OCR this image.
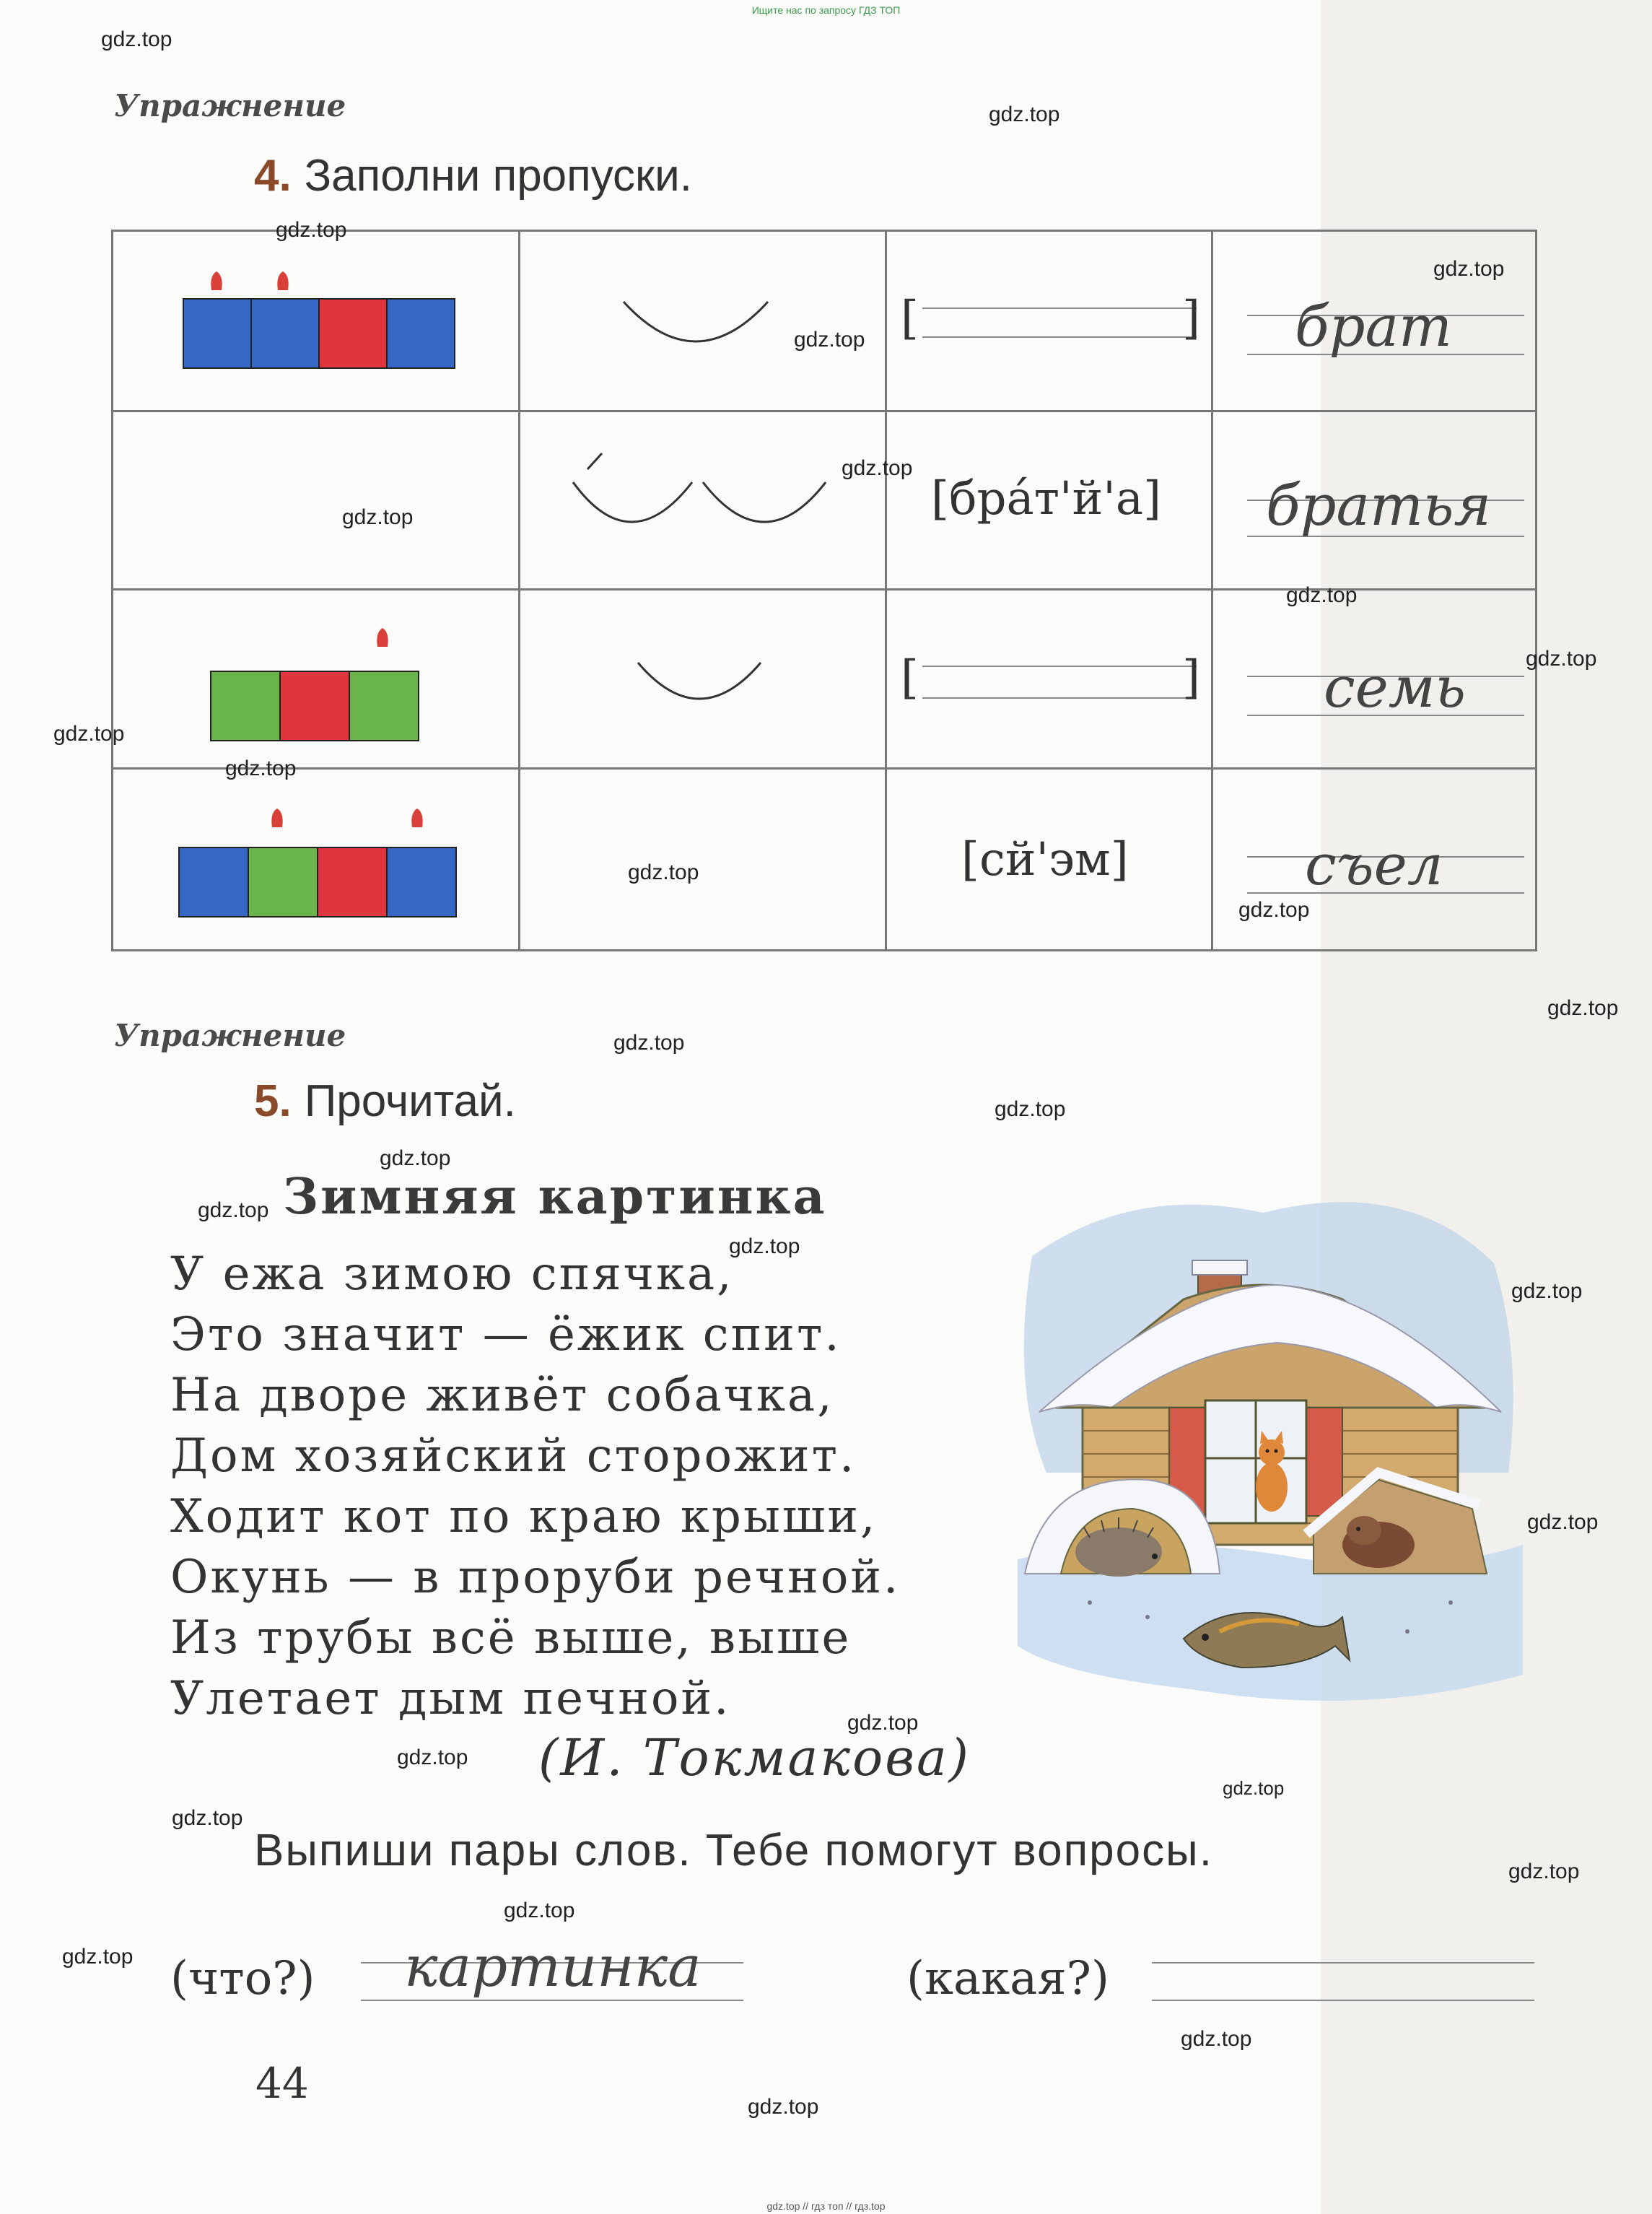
Ищите нас по запросу ГДЗ ТОП
Упражнение
4. Заполни пропуски.
[	] брат
[бра́т'й'а] братья
[	] семь
[сй'эм]	съел
Упражнение
5. Прочитай.
Зимняя картинка
У ежа зимою спячка,
Это значит — ёжик спит.
На дворе живёт собачка,
Дом хозяйский сторожит.
Ходит кот по краю крыши,
Окунь — в проруби речной.
Из трубы всё выше, выше
Улетает дым печной.
(И. Токмакова)
Выпиши пары слов. Тебе помогут вопросы.
(что?) картинка	(какая?)
44
gdz.top
gdz.top
gdz.top
gdz.top
gdz.top
gdz.top
gdz.top
gdz.top
gdz.top
gdz.top
gdz.top
gdz.top
gdz.top
gdz.top
gdz.top
gdz.top
gdz.top
gdz.top
gdz.top
gdz.top
gdz.top
gdz.top
gdz.top
gdz.top
gdz.top
gdz.top
gdz.top
gdz.top
gdz.top
gdz.top
gdz.top // гдз топ // гдз.top
